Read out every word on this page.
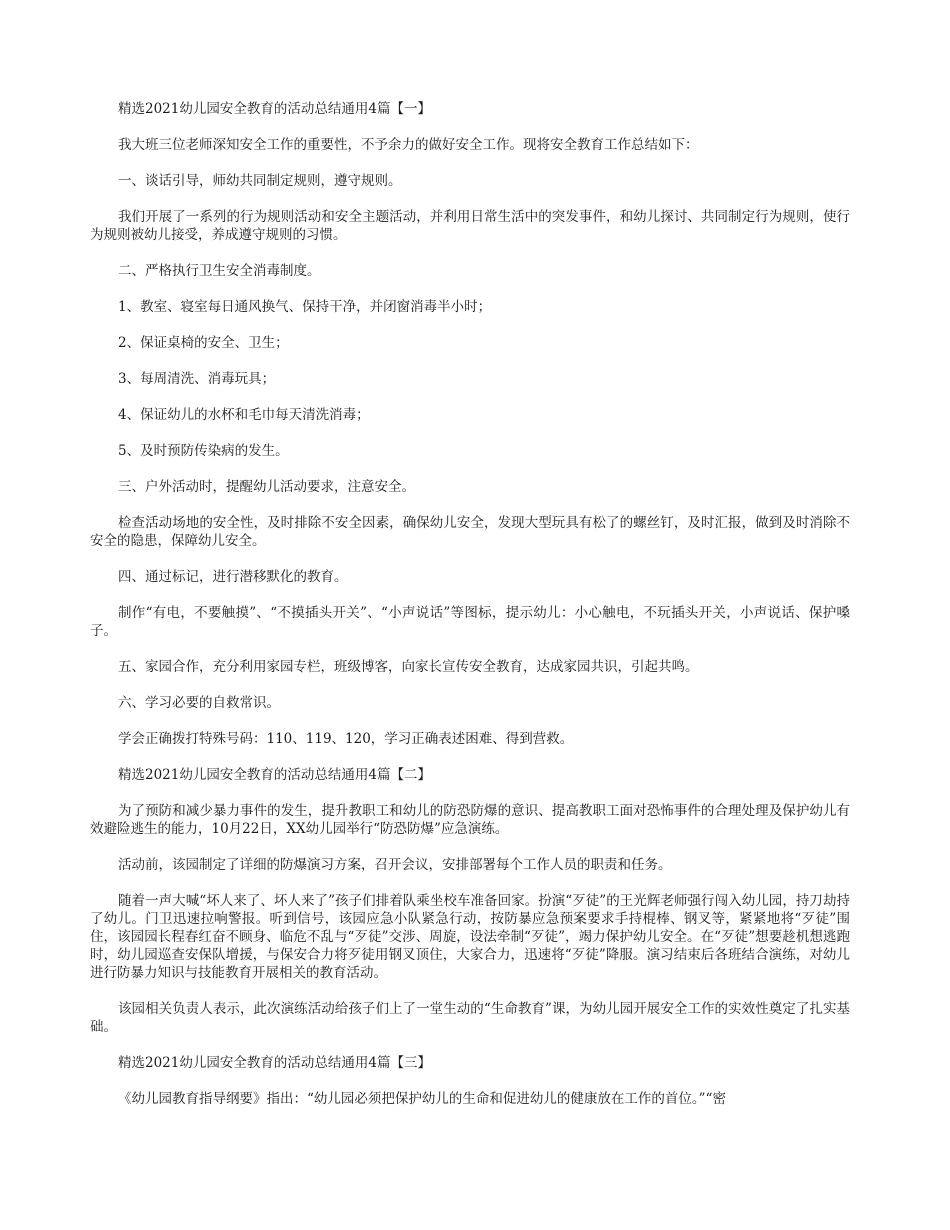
精选2021幼儿园安全教育的活动总结通用4篇【一】

我大班三位老师深知安全工作的重要性，不予余力的做好安全工作。现将安全教育工作总结如下：

一、谈话引导，师幼共同制定规则，遵守规则。

我们开展了一系列的行为规则活动和安全主题活动，并利用日常生活中的突发事件，和幼儿探讨、共同制定行为规则，使行为规则被幼儿接受，养成遵守规则的习惯。

二、严格执行卫生安全消毒制度。

1、教室、寝室每日通风换气、保持干净，并闭窗消毒半小时；

2、保证桌椅的安全、卫生；

3、每周清洗、消毒玩具；

4、保证幼儿的水杯和毛巾每天清洗消毒；

5、及时预防传染病的发生。

三、户外活动时，提醒幼儿活动要求，注意安全。

检查活动场地的安全性，及时排除不安全因素，确保幼儿安全，发现大型玩具有松了的螺丝钉，及时汇报，做到及时消除不安全的隐患，保障幼儿安全。

四、通过标记，进行潜移默化的教育。

制作“有电，不要触摸”、“不摸插头开关”、“小声说话”等图标，提示幼儿：小心触电，不玩插头开关，小声说话、保护嗓子。

五、家园合作，充分利用家园专栏，班级博客，向家长宣传安全教育，达成家园共识，引起共鸣。

六、学习必要的自救常识。

学会正确拨打特殊号码：110、119、120，学习正确表述困难、得到营救。

精选2021幼儿园安全教育的活动总结通用4篇【二】

为了预防和减少暴力事件的发生，提升教职工和幼儿的防恐防爆的意识、提高教职工面对恐怖事件的合理处理及保护幼儿有效避险逃生的能力，10月22日，XX幼儿园举行“防恐防爆”应急演练。

活动前，该园制定了详细的防爆演习方案，召开会议，安排部署每个工作人员的职责和任务。

随着一声大喊“坏人来了、坏人来了”孩子们排着队乘坐校车准备回家。扮演“歹徒”的王光辉老师强行闯入幼儿园，持刀劫持了幼儿。门卫迅速拉响警报。听到信号，该园应急小队紧急行动，按防暴应急预案要求手持棍棒、钢叉等，紧紧地将“歹徒”围住，该园园长程春红奋不顾身、临危不乱与“歹徒”交涉、周旋，设法牵制“歹徒”，竭力保护幼儿安全。在“歹徒”想要趁机想逃跑时，幼儿园巡查安保队增援，与保安合力将歹徒用钢叉顶住，大家合力，迅速将“歹徒”降服。演习结束后各班结合演练，对幼儿进行防暴力知识与技能教育开展相关的教育活动。

该园相关负责人表示，此次演练活动给孩子们上了一堂生动的“生命教育”课，为幼儿园开展安全工作的实效性奠定了扎实基础。

精选2021幼儿园安全教育的活动总结通用4篇【三】

《幼儿园教育指导纲要》指出：“幼儿园必须把保护幼儿的生命和促进幼儿的健康放在工作的首位。”“密
